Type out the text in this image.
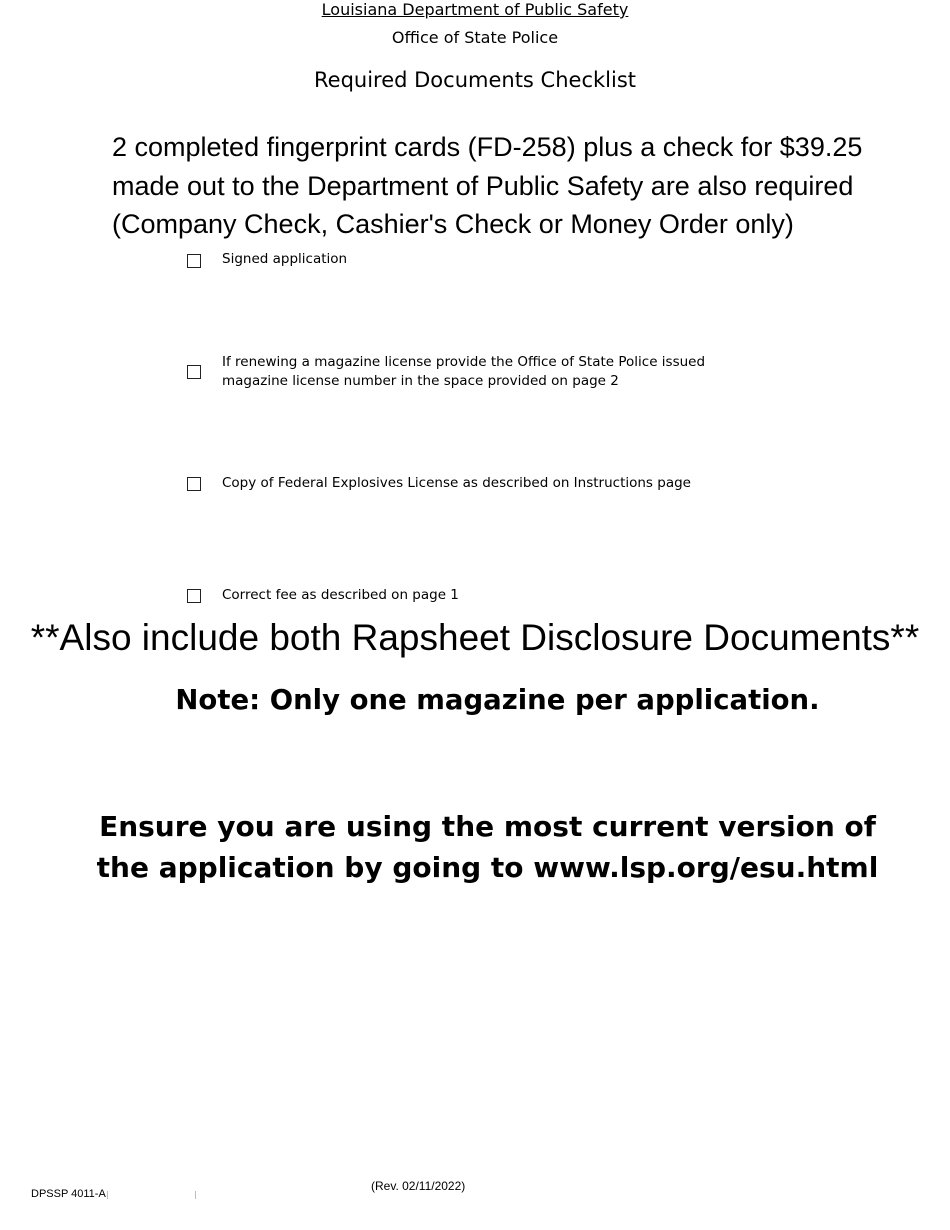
Louisiana Department of Public Safety
Office of State Police
Required Documents Checklist
2 completed fingerprint cards (FD-258) plus a check for $39.25 made out to the Department of Public Safety are also required (Company Check, Cashier's Check or Money Order only)
Signed application
If renewing a magazine license provide the Office of State Police issued magazine license number in the space provided on page 2
Copy of Federal Explosives License as described on Instructions page
Correct fee as described on page 1
**Also include both Rapsheet Disclosure Documents**
Note: Only one magazine per application.
Ensure you are using the most current version of the application by going to www.lsp.org/esu.html
(Rev. 02/11/2022)
DPSSP 4011-A
